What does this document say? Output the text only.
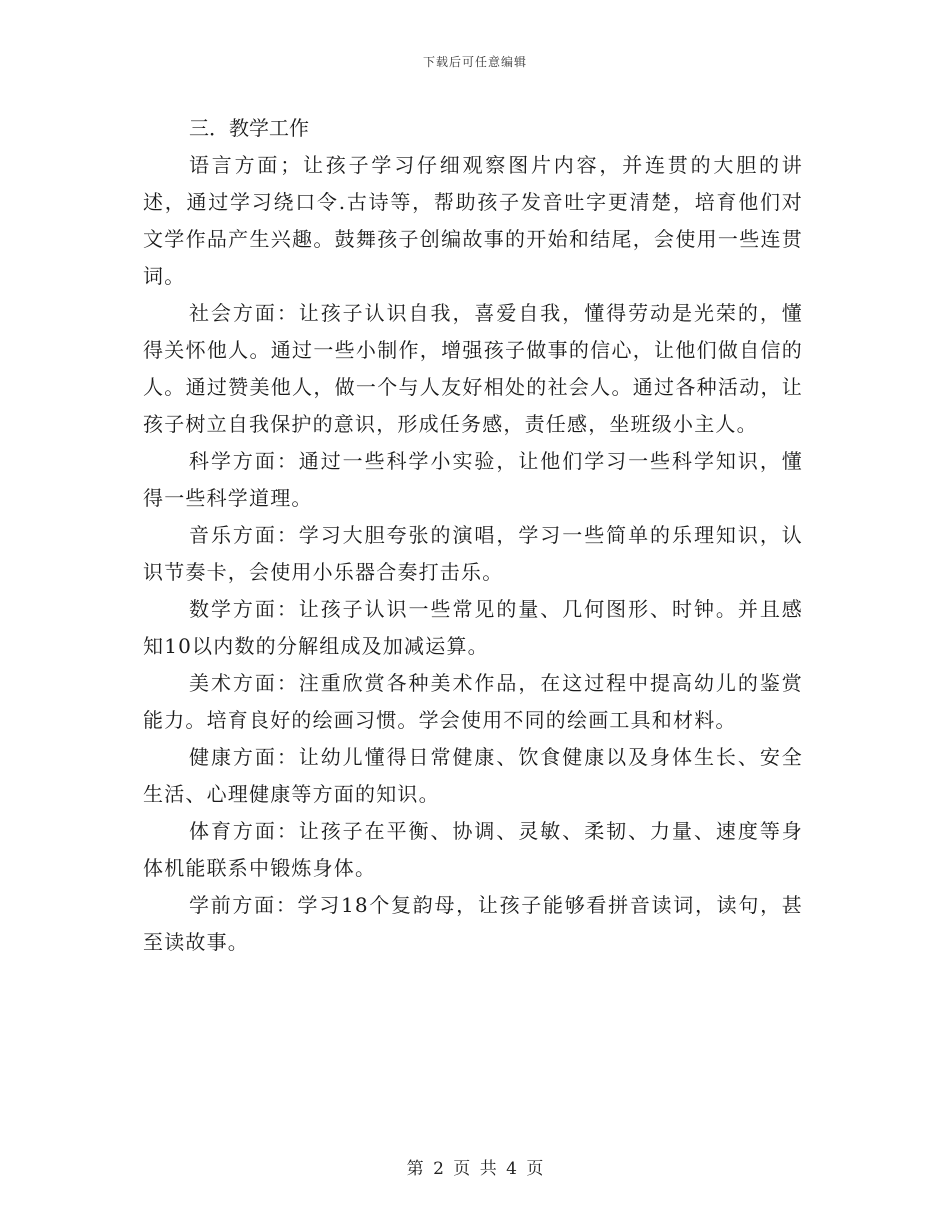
下载后可任意编辑

三．教学工作

语言方面；让孩子学习仔细观察图片内容，并连贯的大胆的讲述，通过学习绕口令.古诗等，帮助孩子发音吐字更清楚，培育他们对文学作品产生兴趣。鼓舞孩子创编故事的开始和结尾，会使用一些连贯词。

社会方面：让孩子认识自我，喜爱自我，懂得劳动是光荣的，懂得关怀他人。通过一些小制作，增强孩子做事的信心，让他们做自信的人。通过赞美他人，做一个与人友好相处的社会人。通过各种活动，让孩子树立自我保护的意识，形成任务感，责任感，坐班级小主人。

科学方面：通过一些科学小实验，让他们学习一些科学知识，懂得一些科学道理。

音乐方面：学习大胆夸张的演唱，学习一些简单的乐理知识，认识节奏卡，会使用小乐器合奏打击乐。

数学方面：让孩子认识一些常见的量、几何图形、时钟。并且感知10以内数的分解组成及加减运算。

美术方面：注重欣赏各种美术作品，在这过程中提高幼儿的鉴赏能力。培育良好的绘画习惯。学会使用不同的绘画工具和材料。

健康方面：让幼儿懂得日常健康、饮食健康以及身体生长、安全生活、心理健康等方面的知识。

体育方面：让孩子在平衡、协调、灵敏、柔韧、力量、速度等身体机能联系中锻炼身体。

学前方面：学习18个复韵母，让孩子能够看拼音读词，读句，甚至读故事。

第 2 页 共 4 页
